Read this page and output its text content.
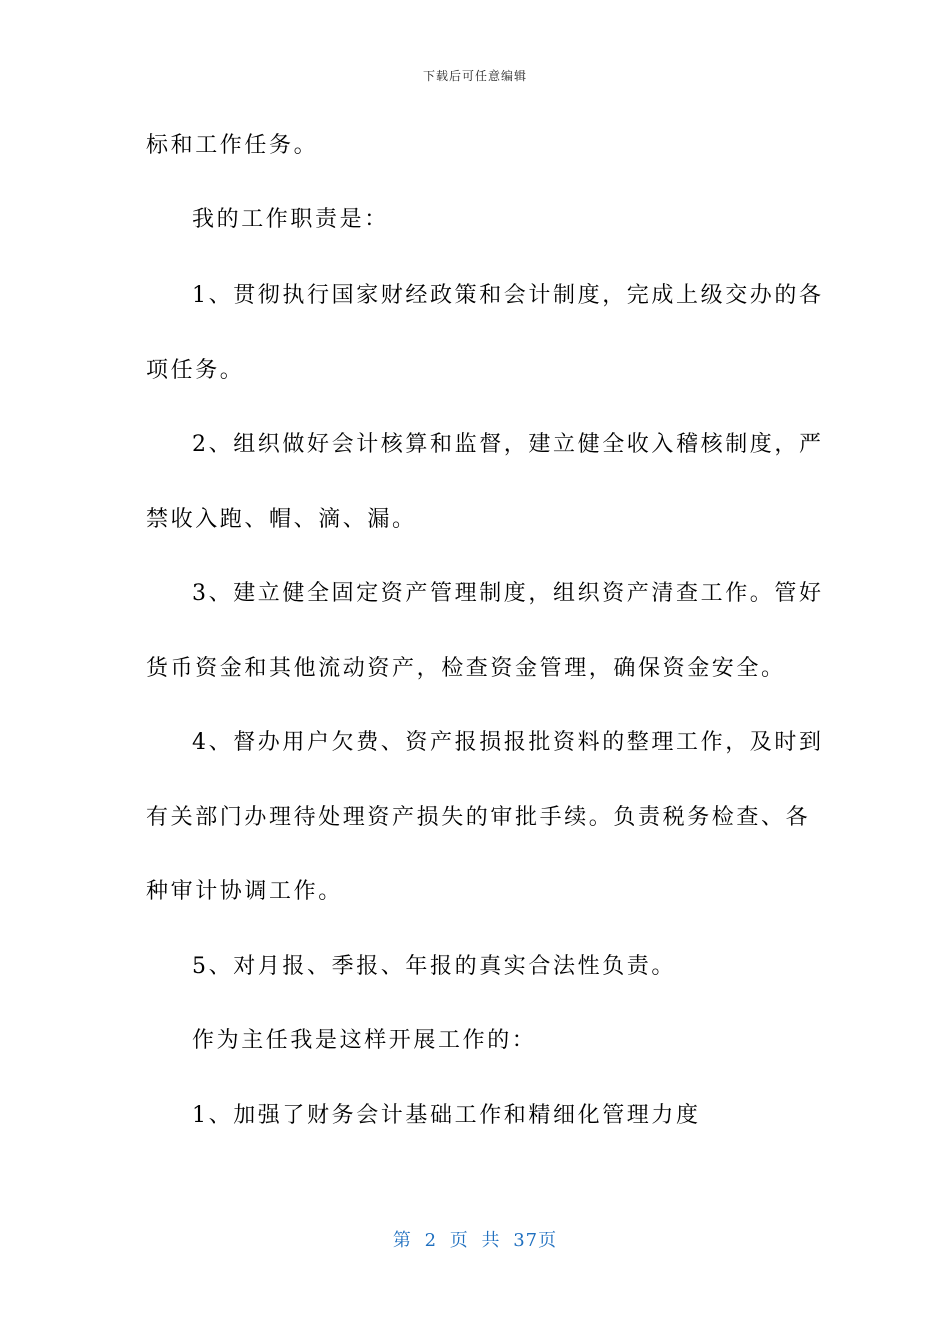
下载后可任意编辑
标和工作任务。
我的工作职责是：
1、贯彻执行国家财经政策和会计制度，完成上级交办的各
项任务。
2、组织做好会计核算和监督，建立健全收入稽核制度，严
禁收入跑、帽、滴、漏。
3、建立健全固定资产管理制度，组织资产清查工作。管好
货币资金和其他流动资产，检查资金管理，确保资金安全。
4、督办用户欠费、资产报损报批资料的整理工作，及时到
有关部门办理待处理资产损失的审批手续。负责税务检查、各
种审计协调工作。
5、对月报、季报、年报的真实合法性负责。
作为主任我是这样开展工作的：
1、加强了财务会计基础工作和精细化管理力度
第 2 页 共 37页
